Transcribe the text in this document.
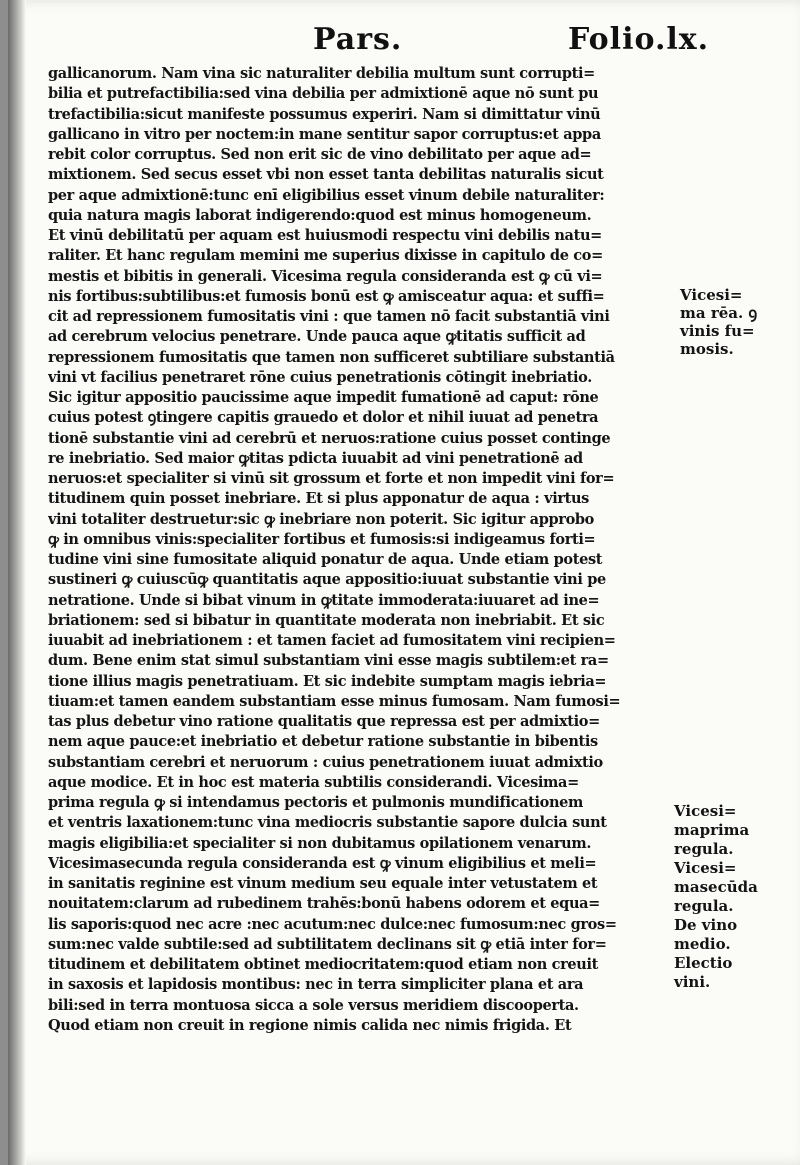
Pars.	Folio.lx.
gallicanorum. Nam vina sic naturaliter debilia multum sunt corrupti=
bilia et putrefactibilia:sed vina debilia per admixtionē aque nō sunt pu
trefactibilia:sicut manifeste possumus experiri. Nam si dimittatur vinū
gallicano in vitro per noctem:in mane sentitur sapor corruptus:et appa
rebit color corruptus. Sed non erit sic de vino debilitato per aque ad=
mixtionem. Sed secus esset vbi non esset tanta debilitas naturalis sicut
per aque admixtionē:tunc enī eligibilius esset vinum debile naturaliter:
quia natura magis laborat indigerendo:quod est minus homogeneum.
Et vinū debilitatū per aquam est huiusmodi respectu vini debilis natu=
raliter. Et hanc regulam memini me superius dixisse in capitulo de co=
mestis et bibitis in generali. Vicesima regula consideranda est ꝙ cū vi=
nis fortibus:subtilibus:et fumosis bonū est ꝙ amisceatur aqua: et suffi=
cit ad repressionem fumositatis vini : que tamen nō facit substantiā vini
ad cerebrum velocius penetrare. Unde pauca aque ꝙtitatis sufficit ad
repressionem fumositatis que tamen non sufficeret subtiliare substantiā
vini vt facilius penetraret rōne cuius penetrationis cōtingit inebriatio.
Sic igitur appositio paucissime aque impedit fumationē ad caput: rōne
cuius potest ꝯtingere capitis grauedo et dolor et nihil iuuat ad penetra
tionē substantie vini ad cerebrū et neruos:ratione cuius posset continge
re inebriatio. Sed maior ꝙtitas pdicta iuuabit ad vini penetrationē ad
neruos:et specialiter si vinū sit grossum et forte et non impedit vini for=
titudinem quin posset inebriare. Et si plus apponatur de aqua : virtus
vini totaliter destruetur:sic ꝙ inebriare non poterit. Sic igitur approbo
ꝙ in omnibus vinis:specialiter fortibus et fumosis:si indigeamus forti=
tudine vini sine fumositate aliquid ponatur de aqua. Unde etiam potest
sustineri ꝙ cuiuscūꝙ quantitatis aque appositio:iuuat substantie vini pe
netratione. Unde si bibat vinum in ꝙtitate immoderata:iuuaret ad ine=
briationem: sed si bibatur in quantitate moderata non inebriabit. Et sic
iuuabit ad inebriationem : et tamen faciet ad fumositatem vini recipien=
dum. Bene enim stat simul substantiam vini esse magis subtilem:et ra=
tione illius magis penetratiuam. Et sic indebite sumptam magis iebria=
tiuam:et tamen eandem substantiam esse minus fumosam. Nam fumosi=
tas plus debetur vino ratione qualitatis que repressa est per admixtio=
nem aque pauce:et inebriatio et debetur ratione substantie in bibentis
substantiam cerebri et neruorum : cuius penetrationem iuuat admixtio
aque modice. Et in hoc est materia subtilis considerandi. Vicesima=
prima regula ꝙ si intendamus pectoris et pulmonis mundificationem
et ventris laxationem:tunc vina mediocris substantie sapore dulcia sunt
magis eligibilia:et specialiter si non dubitamus opilationem venarum.
Vicesimasecunda regula consideranda est ꝙ vinum eligibilius et meli=
in sanitatis reginine est vinum medium seu equale inter vetustatem et
nouitatem:clarum ad rubedinem trahēs:bonū habens odorem et equa=
lis saporis:quod nec acre :nec acutum:nec dulce:nec fumosum:nec gros=
sum:nec valde subtile:sed ad subtilitatem declinans sit ꝙ etiā inter for=
titudinem et debilitatem obtinet mediocritatem:quod etiam non creuit
in saxosis et lapidosis montibus: nec in terra simpliciter plana et ara
bili:sed in terra montuosa sicca a sole versus meridiem discooperta.
Quod etiam non creuit in regione nimis calida nec nimis frigida. Et
Vicesi=
ma rēa. ꝯ
vinis fu=
mosis.
Vicesi=
maprima
regula.
Vicesi=
masecūda
regula.
De vino
medio.
Electio
vini.
